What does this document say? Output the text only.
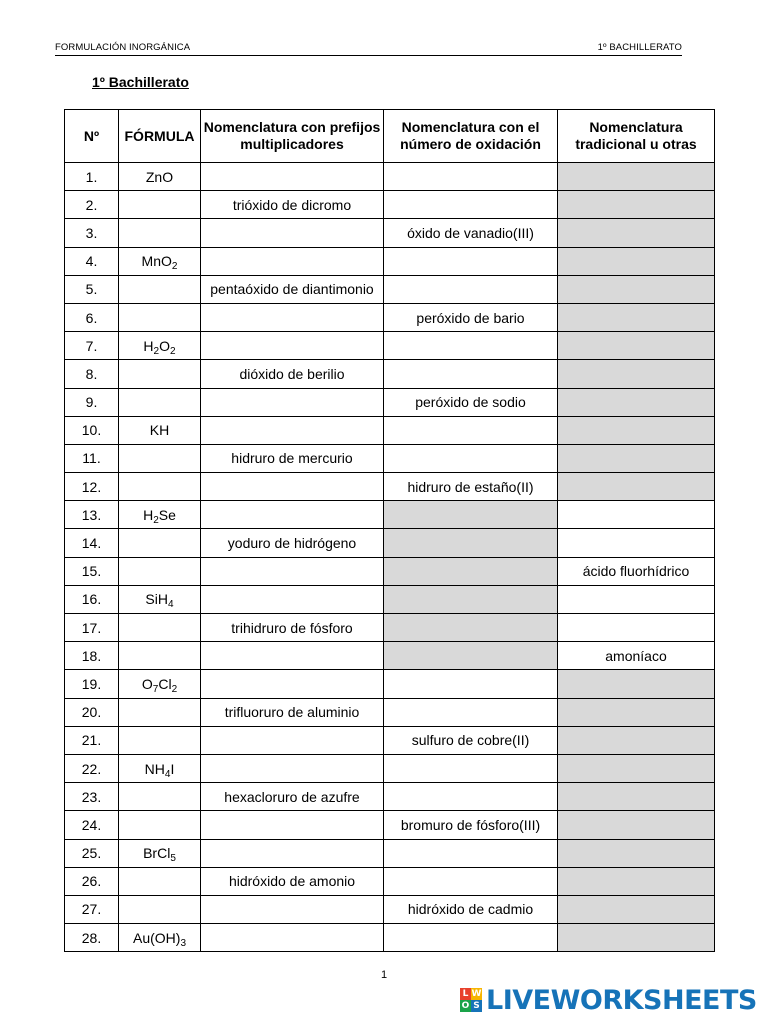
FORMULACIÓN INORGÁNICA	1º BACHILLERATO
1º Bachillerato
Nº	FÓRMULA	Nomenclatura con prefijos multiplicadores	Nomenclatura con el número de oxidación	Nomenclatura tradicional u otras
1.	ZnO			
2.		trióxido de dicromo		
3.			óxido de vanadio(III)	
4.	MnO$_2$			
5.		pentaóxido de diantimonio		
6.			peróxido de bario	
7.	$H_2O_2$			
8.		dióxido de berilio		
9.			peróxido de sodio	
10.	KH			
11.		hidruro de mercurio		
12.			hidruro de estaño(II)	
13.	$H_2Se$			
14.		yoduro de hidrógeno		
15.				ácido fluorhídrico
16.	SiH$_4$			
17.		trihidruro de fósforo		
18.				amoníaco
19.	$O_7Cl_2$			
20.		trifluoruro de aluminio		
21.			sulfuro de cobre(II)	
22.	$NH_4I$			
23.		hexacloruro de azufre		
24.			bromuro de fósforo(III)	
25.	BrCl$_5$			
26.		hidróxido de amonio		
27.			hidróxido de cadmio	
28.	$Au(OH)_3$			
1
L W
O S LIVEWORKSHEETS
